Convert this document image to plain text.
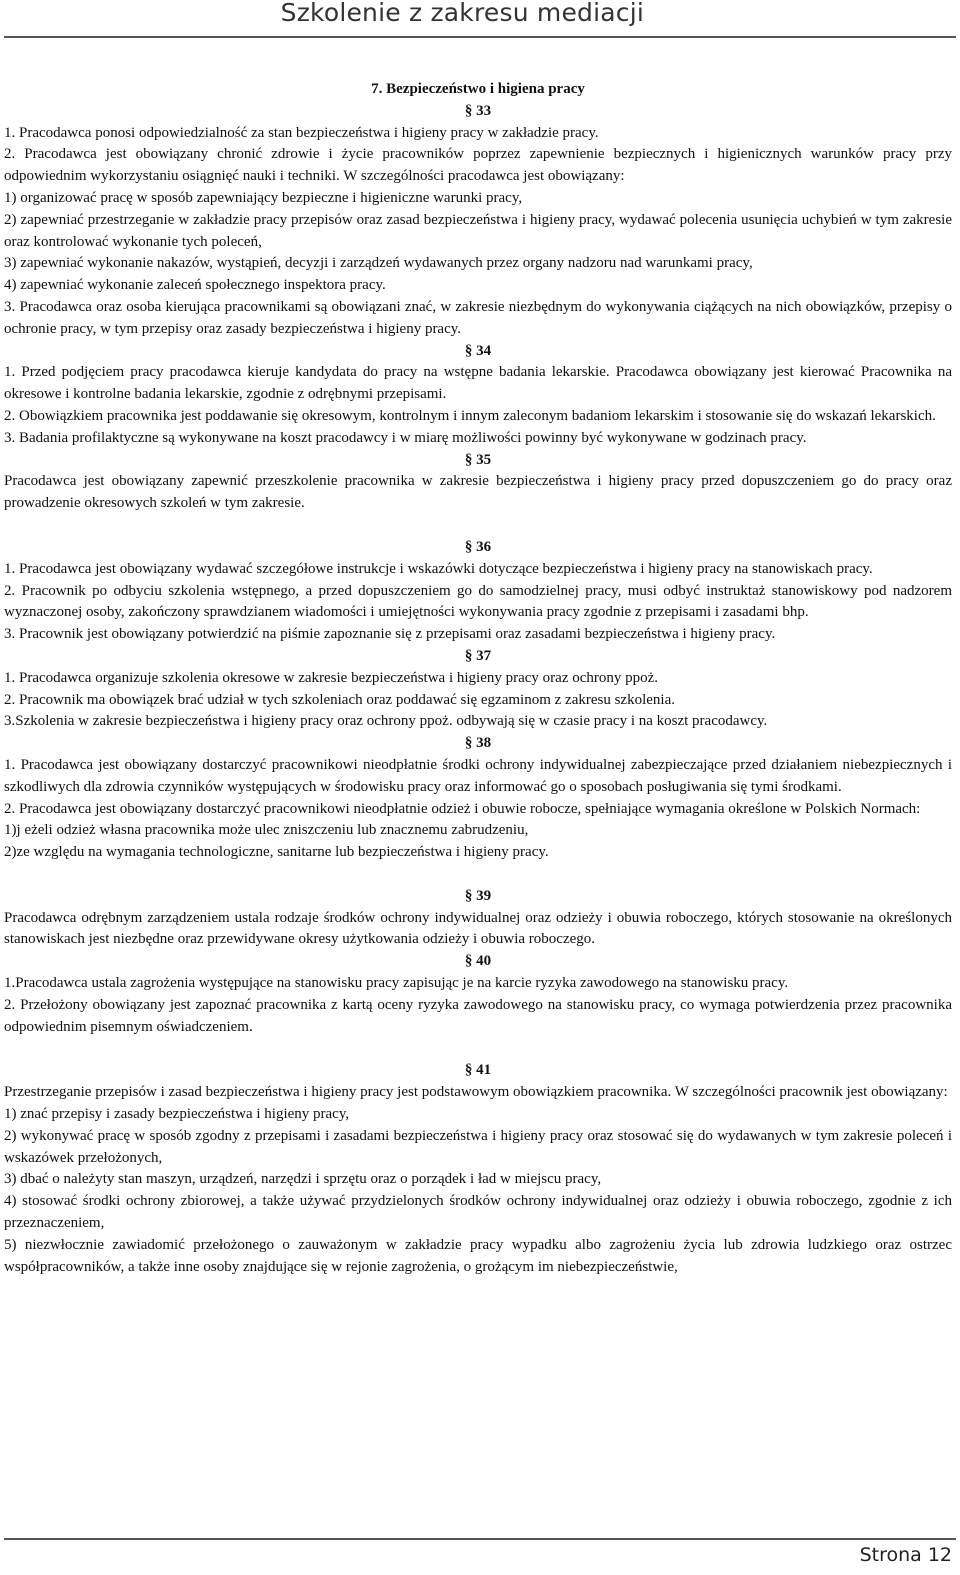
Szkolenie z zakresu mediacji

7. Bezpieczeństwo i higiena pracy

§ 33

1. Pracodawca ponosi odpowiedzialność za stan bezpieczeństwa i higieny pracy w zakładzie pracy.

2. Pracodawca jest obowiązany chronić zdrowie i życie pracowników poprzez zapewnienie bezpiecznych i higienicznych warunków pracy przy odpowiednim wykorzystaniu osiągnięć nauki i techniki. W szczególności pracodawca jest obowiązany:

1) organizować pracę w sposób zapewniający bezpieczne i higieniczne warunki pracy,

2) zapewniać przestrzeganie w zakładzie pracy przepisów oraz zasad bezpieczeństwa i higieny pracy, wydawać polecenia usunięcia uchybień w tym zakresie oraz kontrolować wykonanie tych poleceń,

3) zapewniać wykonanie nakazów, wystąpień, decyzji i zarządzeń wydawanych przez organy nadzoru nad warunkami pracy,

4) zapewniać wykonanie zaleceń społecznego inspektora pracy.

3. Pracodawca oraz osoba kierująca pracownikami są obowiązani znać, w zakresie niezbędnym do wykonywania ciążących na nich obowiązków, przepisy o ochronie pracy, w tym przepisy oraz zasady bezpieczeństwa i higieny pracy.

§ 34

1. Przed podjęciem pracy pracodawca kieruje kandydata do pracy na wstępne badania lekarskie. Pracodawca obowiązany jest kierować Pracownika na okresowe i kontrolne badania lekarskie, zgodnie z odrębnymi przepisami.

2. Obowiązkiem pracownika jest poddawanie się okresowym, kontrolnym i innym zaleconym badaniom lekarskim i stosowanie się do wskazań lekarskich.

3. Badania profilaktyczne są wykonywane na koszt pracodawcy i w miarę możliwości powinny być wykonywane w godzinach pracy.

§ 35

Pracodawca jest obowiązany zapewnić przeszkolenie pracownika w zakresie bezpieczeństwa i higieny pracy przed dopuszczeniem go do pracy oraz prowadzenie okresowych szkoleń w tym zakresie.

§ 36

1. Pracodawca jest obowiązany wydawać szczegółowe instrukcje i wskazówki dotyczące bezpieczeństwa i higieny pracy na stanowiskach pracy.

2. Pracownik po odbyciu szkolenia wstępnego, a przed dopuszczeniem go do samodzielnej pracy, musi odbyć instruktaż stanowiskowy pod nadzorem wyznaczonej osoby, zakończony sprawdzianem wiadomości i umiejętności wykonywania pracy zgodnie z przepisami i zasadami bhp.

3. Pracownik jest obowiązany potwierdzić na piśmie zapoznanie się z przepisami oraz zasadami bezpieczeństwa i higieny pracy.

§ 37

1. Pracodawca organizuje szkolenia okresowe w zakresie bezpieczeństwa i higieny pracy oraz ochrony ppoż.

2. Pracownik ma obowiązek brać udział w tych szkoleniach oraz poddawać się egzaminom z zakresu szkolenia.

3.Szkolenia w zakresie bezpieczeństwa i higieny pracy oraz ochrony ppoż. odbywają się w czasie pracy i na koszt pracodawcy.

§ 38

1. Pracodawca jest obowiązany dostarczyć pracownikowi nieodpłatnie środki ochrony indywidualnej zabezpieczające przed działaniem niebezpiecznych i szkodliwych dla zdrowia czynników występujących w środowisku pracy oraz informować go o sposobach posługiwania się tymi środkami.

2. Pracodawca jest obowiązany dostarczyć pracownikowi nieodpłatnie odzież i obuwie robocze, spełniające wymagania określone w Polskich Normach:

1)j eżeli odzież własna pracownika może ulec zniszczeniu lub znacznemu zabrudzeniu,

2)ze względu na wymagania technologiczne, sanitarne lub bezpieczeństwa i higieny pracy.

§ 39

Pracodawca odrębnym zarządzeniem ustala rodzaje środków ochrony indywidualnej oraz odzieży i obuwia roboczego, których stosowanie na określonych stanowiskach jest niezbędne oraz przewidywane okresy użytkowania odzieży i obuwia roboczego.

§ 40

1.Pracodawca ustala zagrożenia występujące na stanowisku pracy zapisując je na karcie ryzyka zawodowego na stanowisku pracy.

2. Przełożony obowiązany jest zapoznać pracownika z kartą oceny ryzyka zawodowego na stanowisku pracy, co wymaga potwierdzenia przez pracownika odpowiednim pisemnym oświadczeniem.

§ 41

Przestrzeganie przepisów i zasad bezpieczeństwa i higieny pracy jest podstawowym obowiązkiem pracownika. W szczególności pracownik jest obowiązany:

1) znać przepisy i zasady bezpieczeństwa i higieny pracy,

2) wykonywać pracę w sposób zgodny z przepisami i zasadami bezpieczeństwa i higieny pracy oraz stosować się do wydawanych w tym zakresie poleceń i wskazówek przełożonych,

3) dbać o należyty stan maszyn, urządzeń, narzędzi i sprzętu oraz o porządek i ład w miejscu pracy,

4) stosować środki ochrony zbiorowej, a także używać przydzielonych środków ochrony indywidualnej oraz odzieży i obuwia roboczego, zgodnie z ich przeznaczeniem,

5) niezwłocznie zawiadomić przełożonego o zauważonym w zakładzie pracy wypadku albo zagrożeniu życia lub zdrowia ludzkiego oraz ostrzec współpracowników, a także inne osoby znajdujące się w rejonie zagrożenia, o grożącym im niebezpieczeństwie,

Strona 12
